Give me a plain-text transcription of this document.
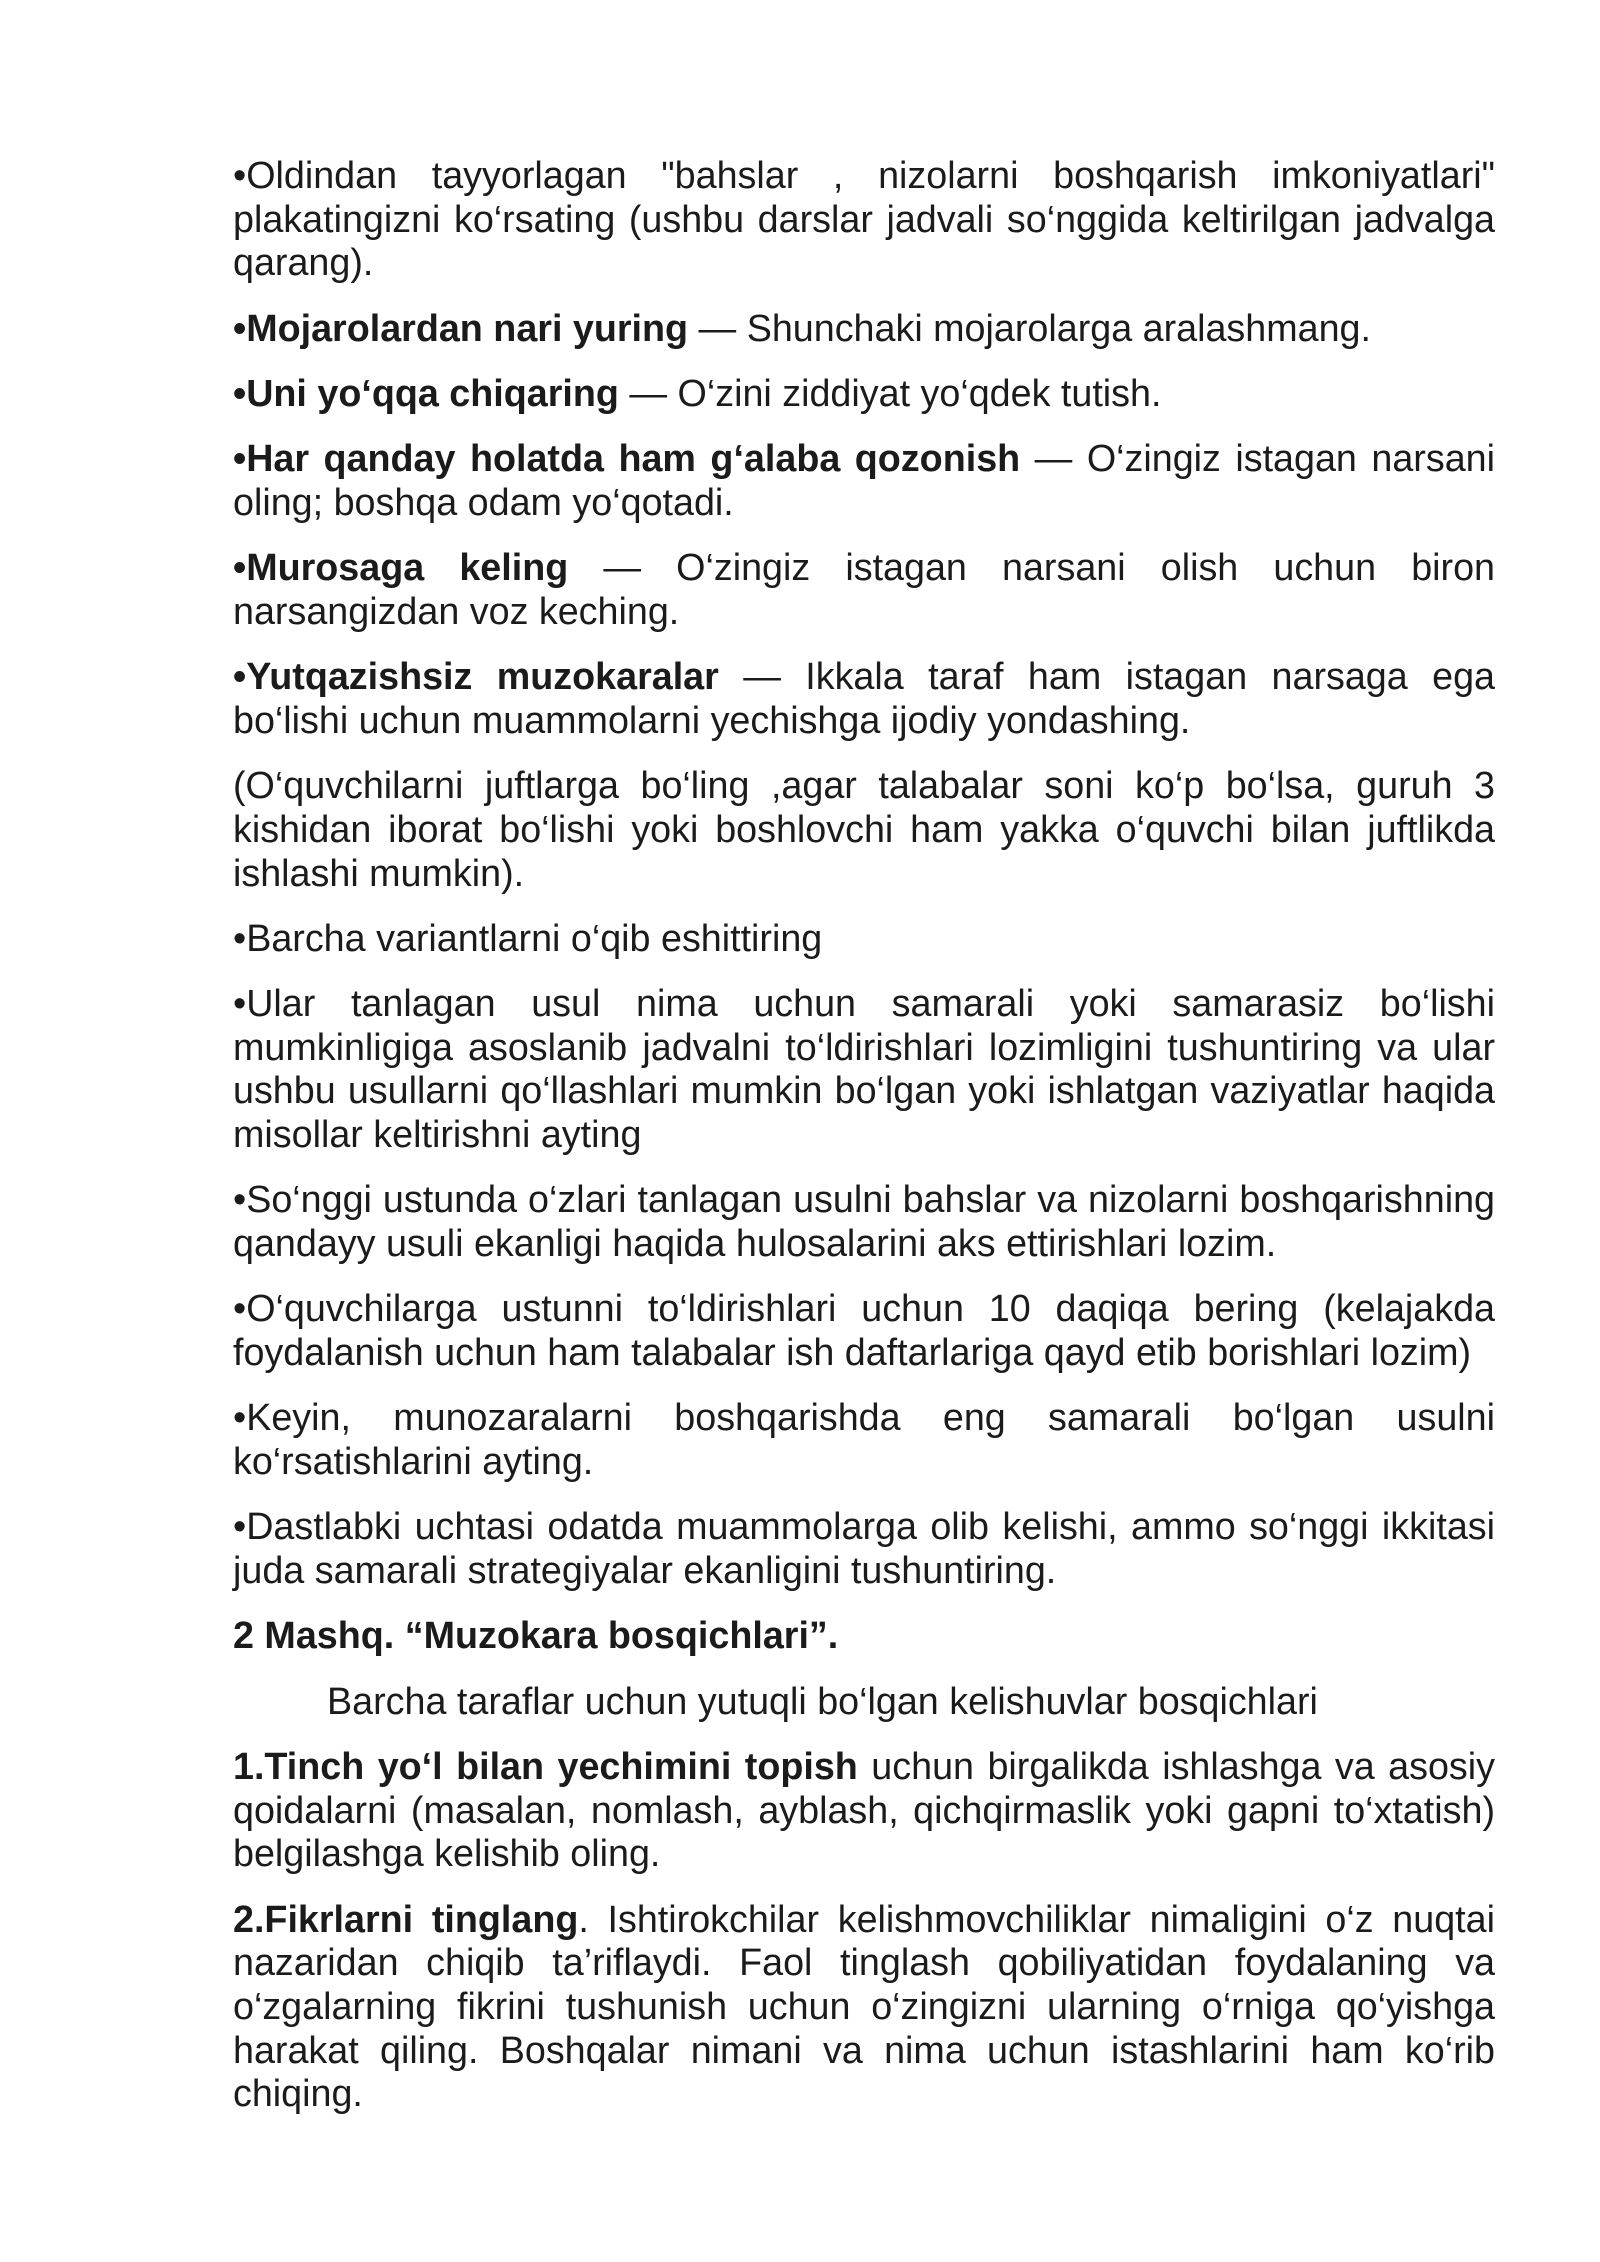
•Oldindan tayyorlagan "bahslar , nizolarni boshqarish imkoniyatlari" plakatingizni ko‘rsating (ushbu darslar jadvali so‘nggida keltirilgan jadvalga qarang).

•Mojarolardan nari yuring — Shunchaki mojarolarga aralashmang.

•Uni yo‘qqa chiqaring — O‘zini ziddiyat yo‘qdek tutish.

•Har qanday holatda ham g‘alaba qozonish — O‘zingiz istagan narsani oling; boshqa odam yo‘qotadi.

•Murosaga keling — O‘zingiz istagan narsani olish uchun biron narsangizdan voz keching.

•Yutqazishsiz muzokaralar — Ikkala taraf ham istagan narsaga ega bo‘lishi uchun muammolarni yechishga ijodiy yondashing.

(O‘quvchilarni juftlarga bo‘ling ,agar talabalar soni ko‘p bo‘lsa, guruh 3 kishidan iborat bo‘lishi yoki boshlovchi ham yakka o‘quvchi bilan juftlikda ishlashi mumkin).

•Barcha variantlarni o‘qib eshittiring

•Ular tanlagan usul nima uchun samarali yoki samarasiz bo‘lishi mumkinligiga asoslanib jadvalni to‘ldirishlari lozimligini tushuntiring va ular ushbu usullarni qo‘llashlari mumkin bo‘lgan yoki ishlatgan vaziyatlar haqida misollar keltirishni ayting

•So‘nggi ustunda o‘zlari tanlagan usulni bahslar va nizolarni boshqarishning qandayy usuli ekanligi haqida hulosalarini aks ettirishlari lozim.

•O‘quvchilarga ustunni to‘ldirishlari uchun 10 daqiqa bering (kelajakda foydalanish uchun ham talabalar ish daftarlariga qayd etib borishlari lozim)

•Keyin, munozaralarni boshqarishda eng samarali bo‘lgan usulni ko‘rsatishlarini ayting.

•Dastlabki uchtasi odatda muammolarga olib kelishi, ammo so‘nggi ikkitasi juda samarali strategiyalar ekanligini tushuntiring.

2 Mashq. “Muzokara bosqichlari”.

Barcha taraflar uchun yutuqli bo‘lgan kelishuvlar bosqichlari

1.Tinch yo‘l bilan yechimini topish uchun birgalikda ishlashga va asosiy qoidalarni (masalan, nomlash, ayblash, qichqirmaslik yoki gapni to‘xtatish) belgilashga kelishib oling.

2.Fikrlarni tinglang. Ishtirokchilar kelishmovchiliklar nimaligini o‘z nuqtai nazaridan chiqib ta’riflaydi. Faol tinglash qobiliyatidan foydalaning va o‘zgalarning fikrini tushunish uchun o‘zingizni ularning o‘rniga qo‘yishga harakat qiling. Boshqalar nimani va nima uchun istashlarini ham ko‘rib chiqing.
